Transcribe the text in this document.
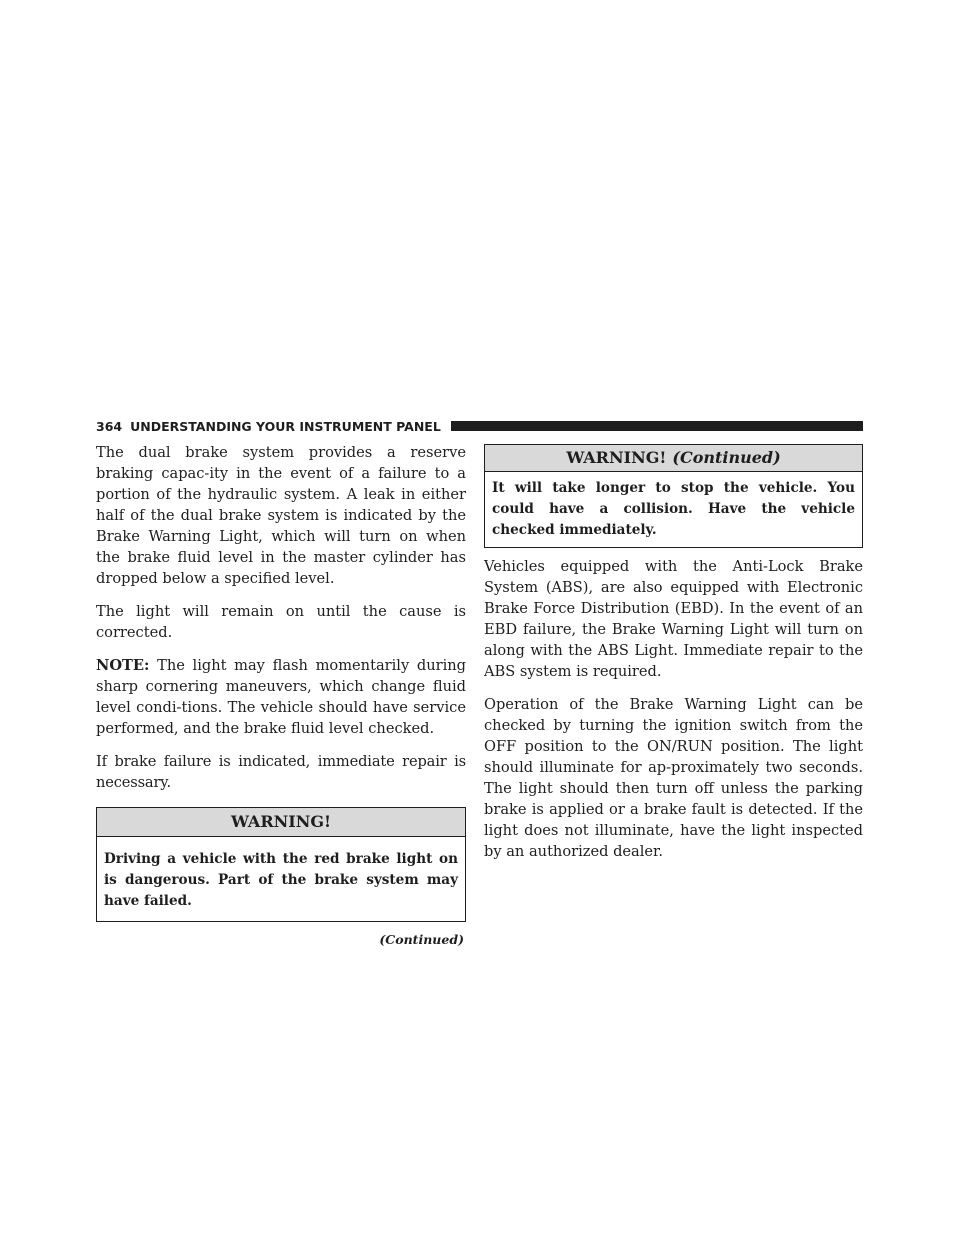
364 UNDERSTANDING YOUR INSTRUMENT PANEL

The dual brake system provides a reserve braking capac-ity in the event of a failure to a portion of the hydraulic system. A leak in either half of the dual brake system is indicated by the Brake Warning Light, which will turn on when the brake fluid level in the master cylinder has dropped below a specified level.

The light will remain on until the cause is corrected.

NOTE: The light may flash momentarily during sharp cornering maneuvers, which change fluid level condi-tions. The vehicle should have service performed, and the brake fluid level checked.

If brake failure is indicated, immediate repair is necessary.

WARNING!
Driving a vehicle with the red brake light on is dangerous. Part of the brake system may have failed.
(Continued)
WARNING! (Continued)
It will take longer to stop the vehicle. You could have a collision. Have the vehicle checked immediately.

Vehicles equipped with the Anti-Lock Brake System (ABS), are also equipped with Electronic Brake Force Distribution (EBD). In the event of an EBD failure, the Brake Warning Light will turn on along with the ABS Light. Immediate repair to the ABS system is required.

Operation of the Brake Warning Light can be checked by turning the ignition switch from the OFF position to the ON/RUN position. The light should illuminate for ap-proximately two seconds. The light should then turn off unless the parking brake is applied or a brake fault is detected. If the light does not illuminate, have the light inspected by an authorized dealer.
